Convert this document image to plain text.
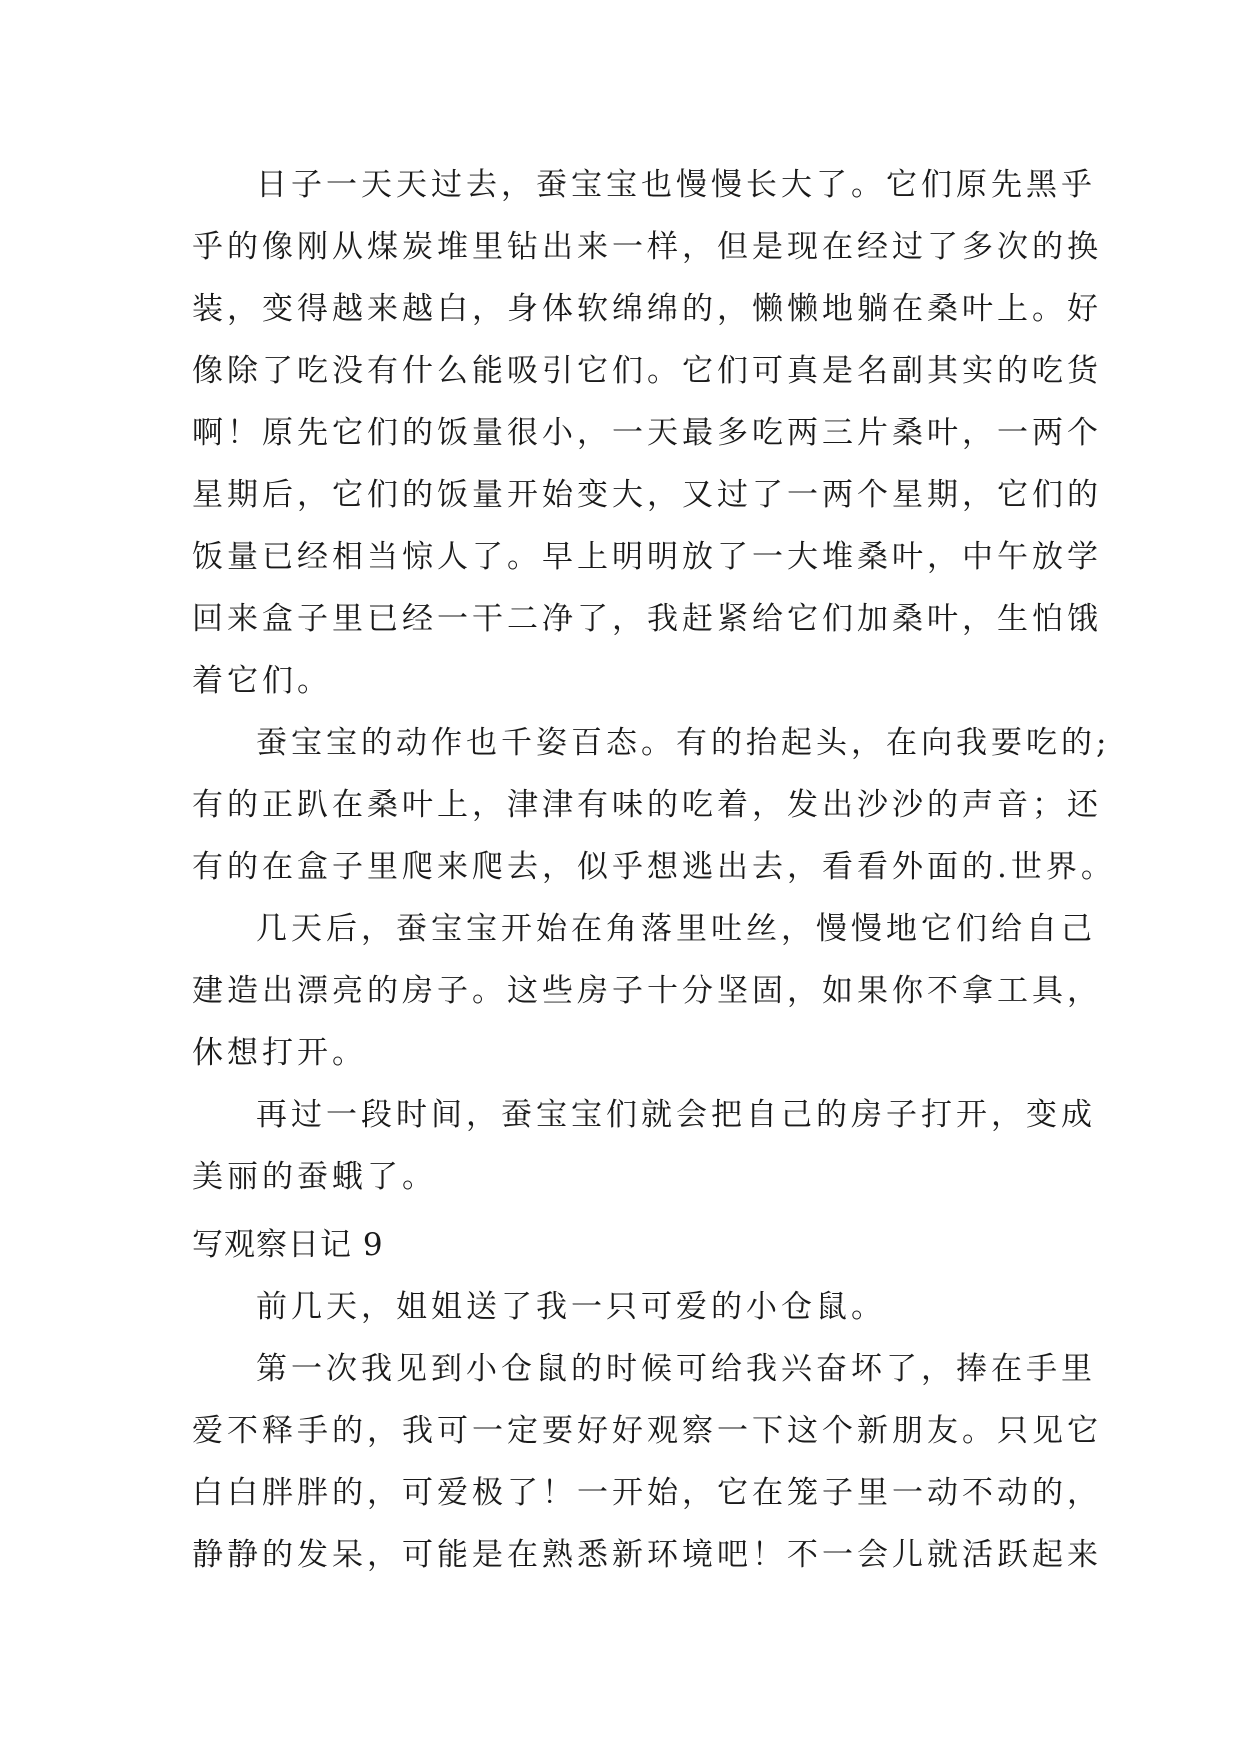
日子一天天过去，蚕宝宝也慢慢长大了。它们原先黑乎
乎的像刚从煤炭堆里钻出来一样，但是现在经过了多次的换
装，变得越来越白，身体软绵绵的，懒懒地躺在桑叶上。好
像除了吃没有什么能吸引它们。它们可真是名副其实的吃货
啊！原先它们的饭量很小，一天最多吃两三片桑叶，一两个
星期后，它们的饭量开始变大，又过了一两个星期，它们的
饭量已经相当惊人了。早上明明放了一大堆桑叶，中午放学
回来盒子里已经一干二净了，我赶紧给它们加桑叶，生怕饿
着它们。
蚕宝宝的动作也千姿百态。有的抬起头，在向我要吃的;
有的正趴在桑叶上，津津有味的吃着，发出沙沙的声音；还
有的在盒子里爬来爬去，似乎想逃出去，看看外面的.世界。
几天后，蚕宝宝开始在角落里吐丝，慢慢地它们给自己
建造出漂亮的房子。这些房子十分坚固，如果你不拿工具，
休想打开。
再过一段时间，蚕宝宝们就会把自己的房子打开，变成
美丽的蚕蛾了。
写观察日记 9
前几天，姐姐送了我一只可爱的小仓鼠。
第一次我见到小仓鼠的时候可给我兴奋坏了，捧在手里
爱不释手的，我可一定要好好观察一下这个新朋友。只见它
白白胖胖的，可爱极了！一开始，它在笼子里一动不动的，
静静的发呆，可能是在熟悉新环境吧！不一会儿就活跃起来
